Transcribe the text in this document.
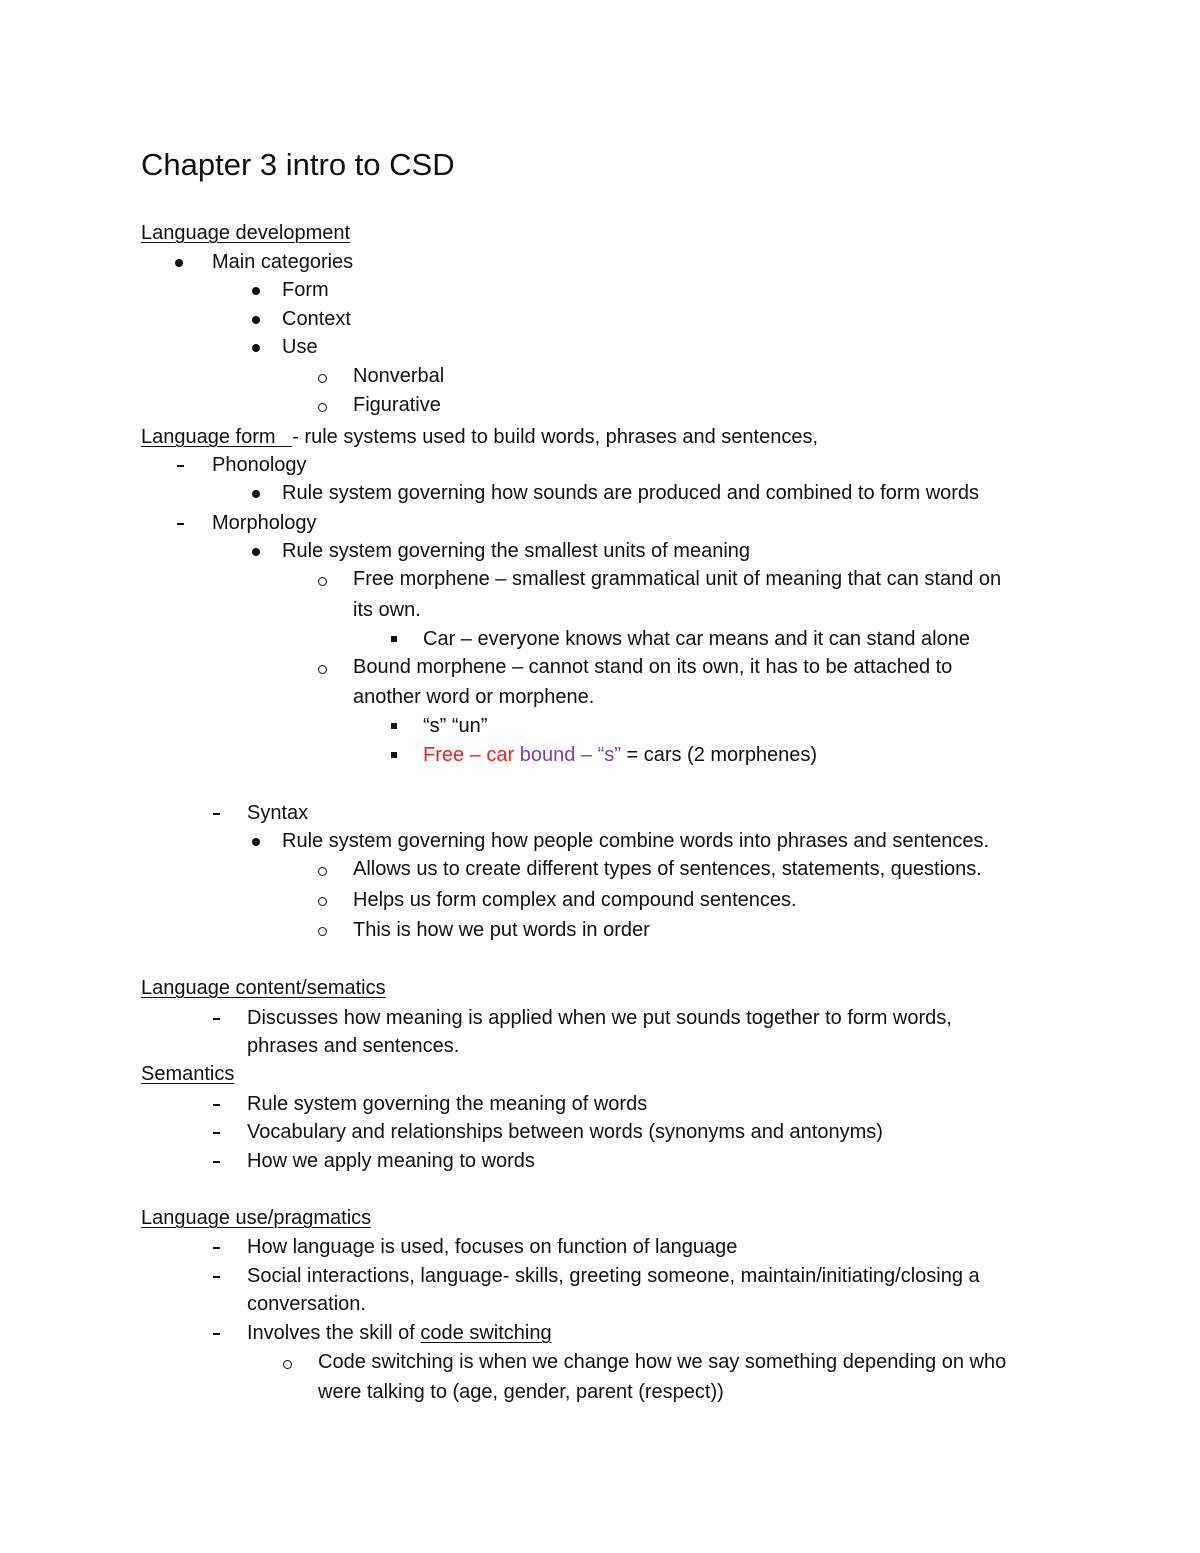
Chapter 3 intro to CSD
Language development
Main categories
Form
Context
Use
Nonverbal
Figurative
Language form - rule systems used to build words, phrases and sentences,
Phonology
Rule system governing how sounds are produced and combined to form words
Morphology
Rule system governing the smallest units of meaning
Free morphene – smallest grammatical unit of meaning that can stand on
its own.
Car – everyone knows what car means and it can stand alone
Bound morphene – cannot stand on its own, it has to be attached to
another word or morphene.
“s” “un”
Free – car bound – “s” = cars (2 morphenes)
Syntax
Rule system governing how people combine words into phrases and sentences.
Allows us to create different types of sentences, statements, questions.
Helps us form complex and compound sentences.
This is how we put words in order
Language content/sematics
Discusses how meaning is applied when we put sounds together to form words,
phrases and sentences.
Semantics
Rule system governing the meaning of words
Vocabulary and relationships between words (synonyms and antonyms)
How we apply meaning to words
Language use/pragmatics
How language is used, focuses on function of language
Social interactions, language- skills, greeting someone, maintain/initiating/closing a
conversation.
Involves the skill of code switching
Code switching is when we change how we say something depending on who
were talking to (age, gender, parent (respect))
